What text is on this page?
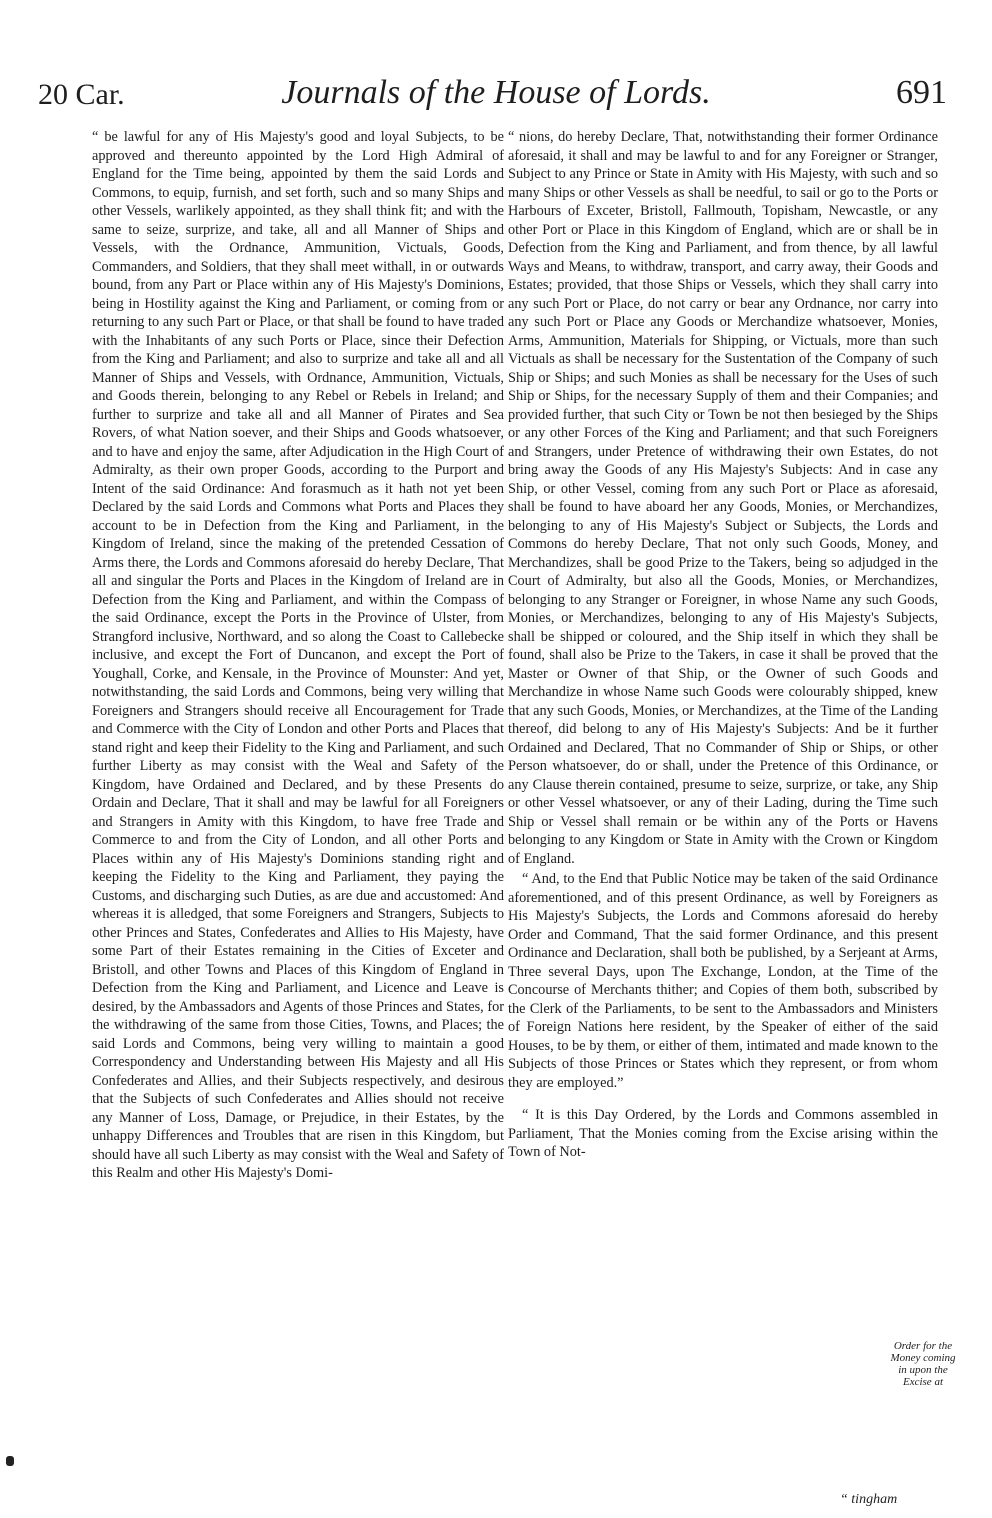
20 Car.	Journals of the House of Lords.	691

“ be lawful for any of His Majesty's good and loyal Subjects, to be approved and thereunto appointed by the Lord High Admiral of England for the Time being, appointed by them the said Lords and Commons, to equip, furnish, and set forth, such and so many Ships and other Vessels, warlikely appointed, as they shall think fit; and with the same to seize, surprize, and take, all and all Manner of Ships and Vessels, with the Ordnance, Ammunition, Victuals, Goods, Commanders, and Soldiers, that they shall meet withall, in or outwards bound, from any Part or Place within any of His Majesty's Dominions, being in Hostility against the King and Parliament, or coming from or returning to any such Part or Place, or that shall be found to have traded with the Inhabitants of any such Ports or Place, since their Defection from the King and Parliament; and also to surprize and take all and all Manner of Ships and Vessels, with Ordnance, Ammunition, Victuals, and Goods therein, belonging to any Rebel or Rebels in Ireland; and further to surprize and take all and all Manner of Pirates and Sea Rovers, of what Nation soever, and their Ships and Goods whatsoever, and to have and enjoy the same, after Adjudication in the High Court of Admiralty, as their own proper Goods, according to the Purport and Intent of the said Ordinance: And forasmuch as it hath not yet been Declared by the said Lords and Commons what Ports and Places they account to be in Defection from the King and Parliament, in the Kingdom of Ireland, since the making of the pretended Cessation of Arms there, the Lords and Commons aforesaid do hereby Declare, That all and singular the Ports and Places in the Kingdom of Ireland are in Defection from the King and Parliament, and within the Compass of the said Ordinance, except the Ports in the Province of Ulster, from Strangford inclusive, Northward, and so along the Coast to Callebecke inclusive, and except the Fort of Duncanon, and except the Port of Youghall, Corke, and Kensale, in the Province of Mounster: And yet, notwithstanding, the said Lords and Commons, being very willing that Foreigners and Strangers should receive all Encouragement for Trade and Commerce with the City of London and other Ports and Places that stand right and keep their Fidelity to the King and Parliament, and such further Liberty as may consist with the Weal and Safety of the Kingdom, have Ordained and Declared, and by these Presents do Ordain and Declare, That it shall and may be lawful for all Foreigners and Strangers in Amity with this Kingdom, to have free Trade and Commerce to and from the City of London, and all other Ports and Places within any of His Majesty's Dominions standing right and keeping the Fidelity to the King and Parliament, they paying the Customs, and discharging such Duties, as are due and accustomed: And whereas it is alledged, that some Foreigners and Strangers, Subjects to other Princes and States, Confederates and Allies to His Majesty, have some Part of their Estates remaining in the Cities of Exceter and Bristoll, and other Towns and Places of this Kingdom of England in Defection from the King and Parliament, and Licence and Leave is desired, by the Ambassadors and Agents of those Princes and States, for the withdrawing of the same from those Cities, Towns, and Places; the said Lords and Commons, being very willing to maintain a good Correspondency and Understanding between His Majesty and all His Confederates and Allies, and their Subjects respectively, and desirous that the Subjects of such Confederates and Allies should not receive any Manner of Loss, Damage, or Prejudice, in their Estates, by the unhappy Differences and Troubles that are risen in this Kingdom, but should have all such Liberty as may consist with the Weal and Safety of this Realm and other His Majesty's Domi-

“ nions, do hereby Declare, That, notwithstanding their former Ordinance aforesaid, it shall and may be lawful to and for any Foreigner or Stranger, Subject to any Prince or State in Amity with His Majesty, with such and so many Ships or other Vessels as shall be needful, to sail or go to the Ports or Harbours of Exceter, Bristoll, Fallmouth, Topisham, Newcastle, or any other Port or Place in this Kingdom of England, which are or shall be in Defection from the King and Parliament, and from thence, by all lawful Ways and Means, to withdraw, transport, and carry away, their Goods and Estates; provided, that those Ships or Vessels, which they shall carry into any such Port or Place, do not carry or bear any Ordnance, nor carry into any such Port or Place any Goods or Merchandize whatsoever, Monies, Arms, Ammunition, Materials for Shipping, or Victuals, more than such Victuals as shall be necessary for the Sustentation of the Company of such Ship or Ships; and such Monies as shall be necessary for the Uses of such Ship or Ships, for the necessary Supply of them and their Companies; and provided further, that such City or Town be not then besieged by the Ships or any other Forces of the King and Parliament; and that such Foreigners and Strangers, under Pretence of withdrawing their own Estates, do not bring away the Goods of any His Majesty's Subjects: And in case any Ship, or other Vessel, coming from any such Port or Place as aforesaid, shall be found to have aboard her any Goods, Monies, or Merchandizes, belonging to any of His Majesty's Subject or Subjects, the Lords and Commons do hereby Declare, That not only such Goods, Money, and Merchandizes, shall be good Prize to the Takers, being so adjudged in the Court of Admiralty, but also all the Goods, Monies, or Merchandizes, belonging to any Stranger or Foreigner, in whose Name any such Goods, Monies, or Merchandizes, belonging to any of His Majesty's Subjects, shall be shipped or coloured, and the Ship itself in which they shall be found, shall also be Prize to the Takers, in case it shall be proved that the Master or Owner of that Ship, or the Owner of such Goods and Merchandize in whose Name such Goods were colourably shipped, knew that any such Goods, Monies, or Merchandizes, at the Time of the Landing thereof, did belong to any of His Majesty's Subjects: And be it further Ordained and Declared, That no Commander of Ship or Ships, or other Person whatsoever, do or shall, under the Pretence of this Ordinance, or any Clause therein contained, presume to seize, surprize, or take, any Ship or other Vessel whatsoever, or any of their Lading, during the Time such Ship or Vessel shall remain or be within any of the Ports or Havens belonging to any Kingdom or State in Amity with the Crown or Kingdom of England.

“ And, to the End that Public Notice may be taken of the said Ordinance aforementioned, and of this present Ordinance, as well by Foreigners as His Majesty's Subjects, the Lords and Commons aforesaid do hereby Order and Command, That the said former Ordinance, and this present Ordinance and Declaration, shall both be published, by a Serjeant at Arms, Three several Days, upon The Exchange, London, at the Time of the Concourse of Merchants thither; and Copies of them both, subscribed by the Clerk of the Parliaments, to be sent to the Ambassadors and Ministers of Foreign Nations here resident, by the Speaker of either of the said Houses, to be by them, or either of them, intimated and made known to the Subjects of those Princes or States which they represent, or from whom they are employed.”

“ It is this Day Ordered, by the Lords and Commons assembled in Parliament, That the Monies coming from the Excise arising within the Town of Not-

Order for the Money coming in upon the Excise at
“ tingham
